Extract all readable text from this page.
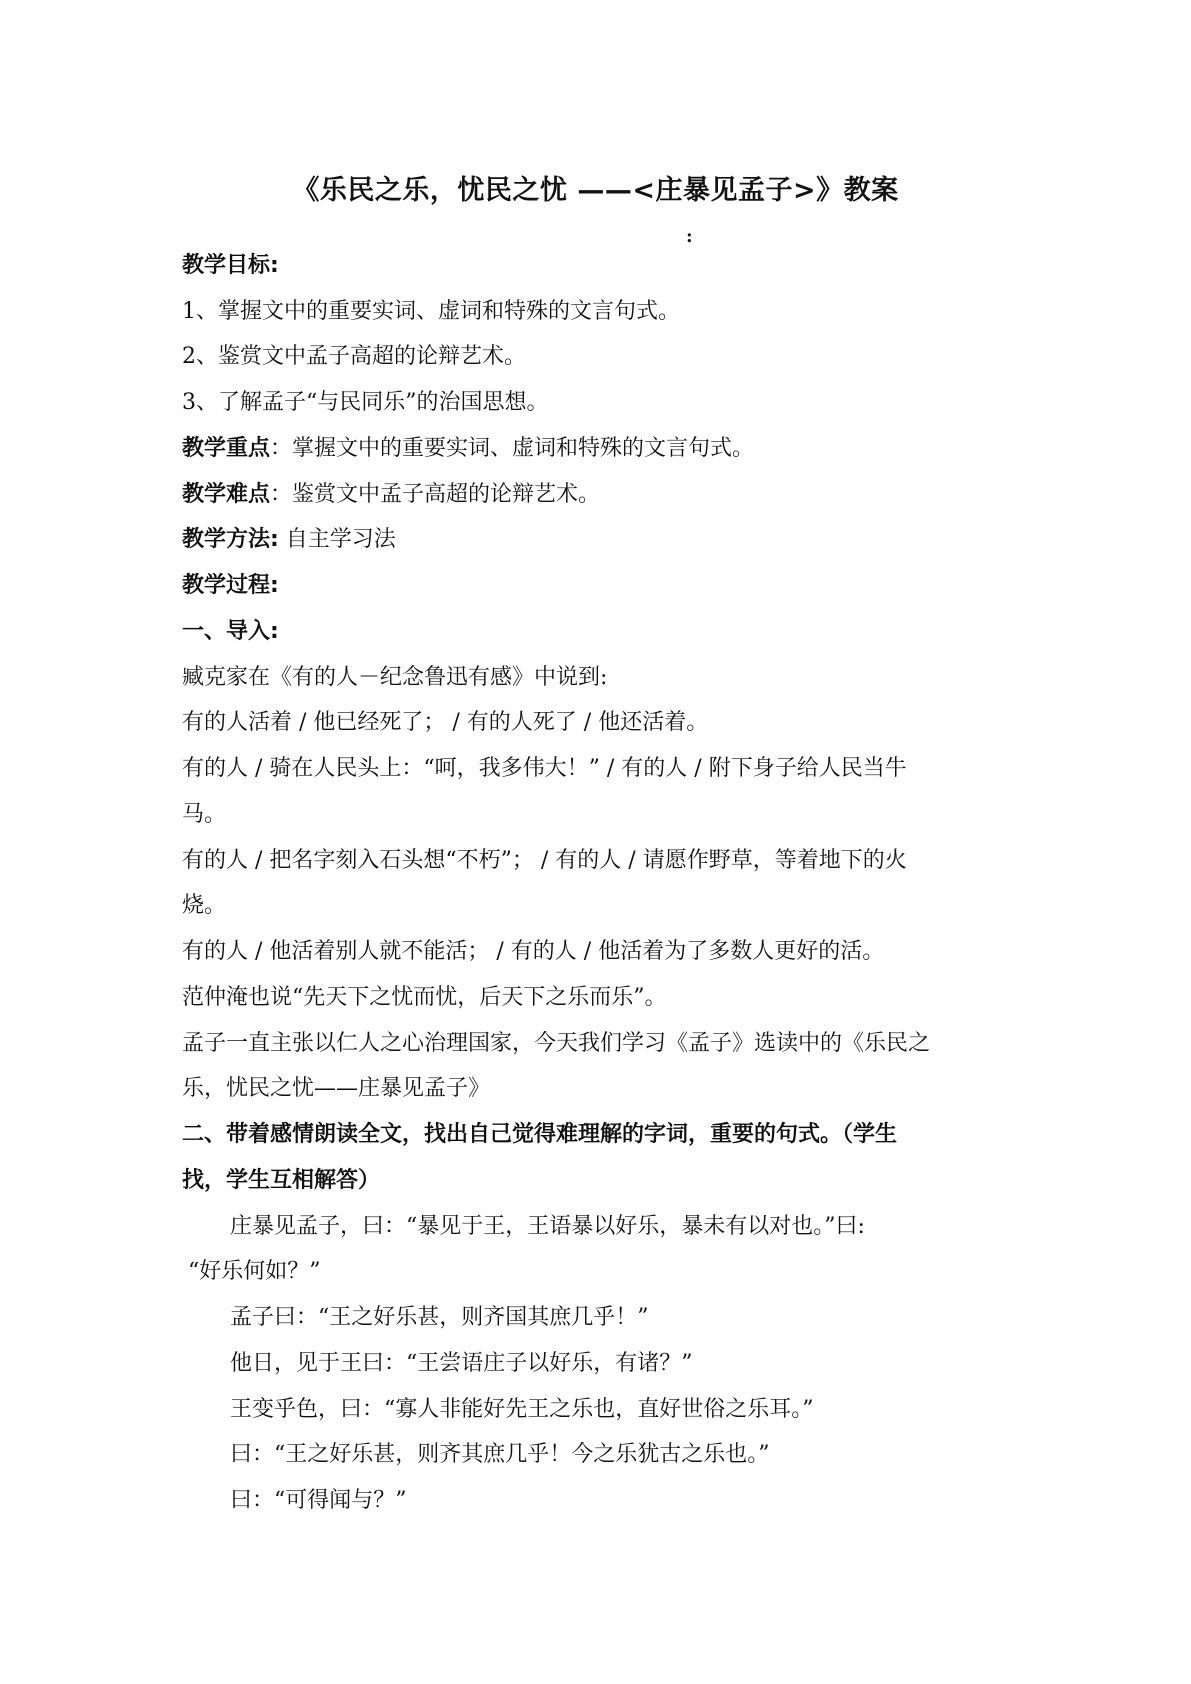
《乐民之乐，忧民之忧 ——<庄暴见孟子>》教案
:
教学目标:
1、掌握文中的重要实词、虚词和特殊的文言句式。
2、鉴赏文中孟子高超的论辩艺术。
3、了解孟子“与民同乐”的治国思想。
教学重点：掌握文中的重要实词、虚词和特殊的文言句式。
教学难点：鉴赏文中孟子高超的论辩艺术。
教学方法: 自主学习法
教学过程:
一、导入:
臧克家在《有的人－纪念鲁迅有感》中说到:
有的人活着 / 他已经死了； / 有的人死了 / 他还活着。
有的人 / 骑在人民头上：“呵，我多伟大！” / 有的人 / 附下身子给人民当牛
马。
有的人 / 把名字刻入石头想“不朽”； / 有的人 / 请愿作野草，等着地下的火
烧。
有的人 / 他活着别人就不能活； / 有的人 / 他活着为了多数人更好的活。
范仲淹也说“先天下之忧而忧，后天下之乐而乐”。
孟子一直主张以仁人之心治理国家，今天我们学习《孟子》选读中的《乐民之
乐，忧民之忧——庄暴见孟子》
二、带着感情朗读全文，找出自己觉得难理解的字词，重要的句式。（学生
找，学生互相解答）
庄暴见孟子，曰：“暴见于王，王语暴以好乐，暴未有以对也。”曰:
“好乐何如？”
孟子曰：“王之好乐甚，则齐国其庶几乎！”
他日，见于王曰：“王尝语庄子以好乐，有诸？”
王变乎色，曰：“寡人非能好先王之乐也，直好世俗之乐耳。”
曰：“王之好乐甚，则齐其庶几乎！今之乐犹古之乐也。”
曰：“可得闻与？”
